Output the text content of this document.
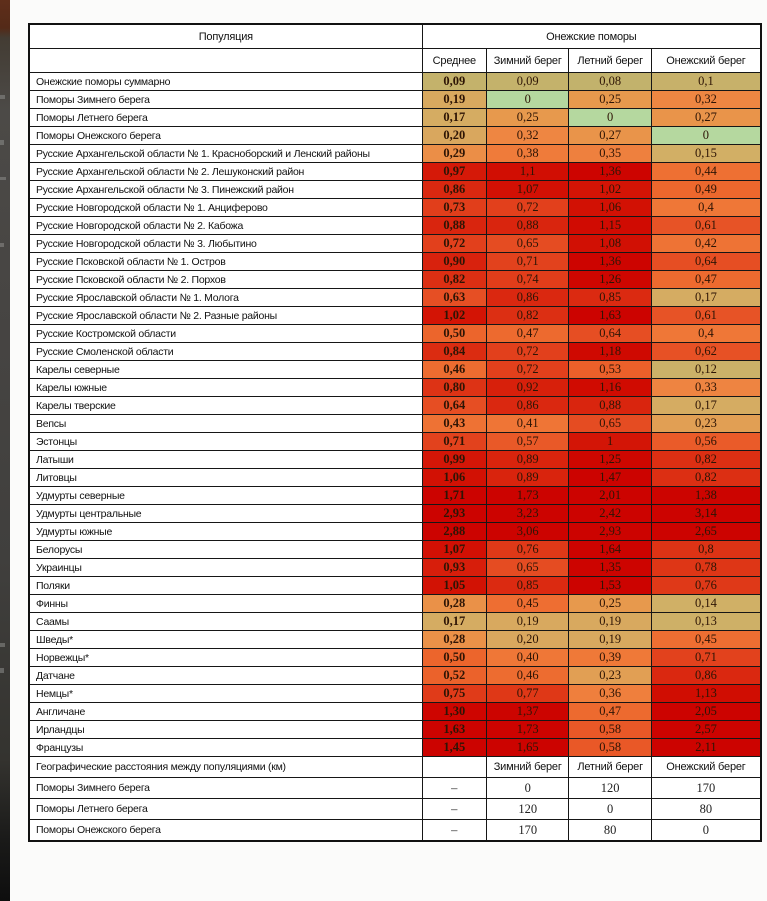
Популяция	Онежские поморы			
	Среднее	Зимний берег	Летний берег	Онежский берег
Онежские поморы суммарно	0,09	0,09	0,08	0,1
Поморы Зимнего берега	0,19	0	0,25	0,32
Поморы Летнего берега	0,17	0,25	0	0,27
Поморы Онежского берега	0,20	0,32	0,27	0
Русские Архангельской области № 1. Красноборский и Ленский районы	0,29	0,38	0,35	0,15
Русские Архангельской области № 2. Лешуконский район	0,97	1,1	1,36	0,44
Русские Архангельской области № 3. Пинежский район	0,86	1,07	1,02	0,49
Русские Новгородской области № 1. Анциферово	0,73	0,72	1,06	0,4
Русские Новгородской области № 2. Кабожа	0,88	0,88	1,15	0,61
Русские Новгородской области № 3. Любытино	0,72	0,65	1,08	0,42
Русские Псковской области № 1. Остров	0,90	0,71	1,36	0,64
Русские Псковской области № 2. Порхов	0,82	0,74	1,26	0,47
Русские Ярославской области № 1. Молога	0,63	0,86	0,85	0,17
Русские Ярославской области № 2. Разные районы	1,02	0,82	1,63	0,61
Русские Костромской области	0,50	0,47	0,64	0,4
Русские Смоленской области	0,84	0,72	1,18	0,62
Карелы северные	0,46	0,72	0,53	0,12
Карелы южные	0,80	0,92	1,16	0,33
Карелы тверские	0,64	0,86	0,88	0,17
Вепсы	0,43	0,41	0,65	0,23
Эстонцы	0,71	0,57	1	0,56
Латыши	0,99	0,89	1,25	0,82
Литовцы	1,06	0,89	1,47	0,82
Удмурты северные	1,71	1,73	2,01	1,38
Удмурты центральные	2,93	3,23	2,42	3,14
Удмурты южные	2,88	3,06	2,93	2,65
Белорусы	1,07	0,76	1,64	0,8
Украинцы	0,93	0,65	1,35	0,78
Поляки	1,05	0,85	1,53	0,76
Финны	0,28	0,45	0,25	0,14
Саамы	0,17	0,19	0,19	0,13
Шведы*	0,28	0,20	0,19	0,45
Норвежцы*	0,50	0,40	0,39	0,71
Датчане	0,52	0,46	0,23	0,86
Немцы*	0,75	0,77	0,36	1,13
Англичане	1,30	1,37	0,47	2,05
Ирландцы	1,63	1,73	0,58	2,57
Французы	1,45	1,65	0,58	2,11
Географические расстояния между популяциями (км)		Зимний берег	Летний берег	Онежский берег
Поморы Зимнего берега	–	0	120	170
Поморы Летнего берега	–	120	0	80
Поморы Онежского берега	–	170	80	0
